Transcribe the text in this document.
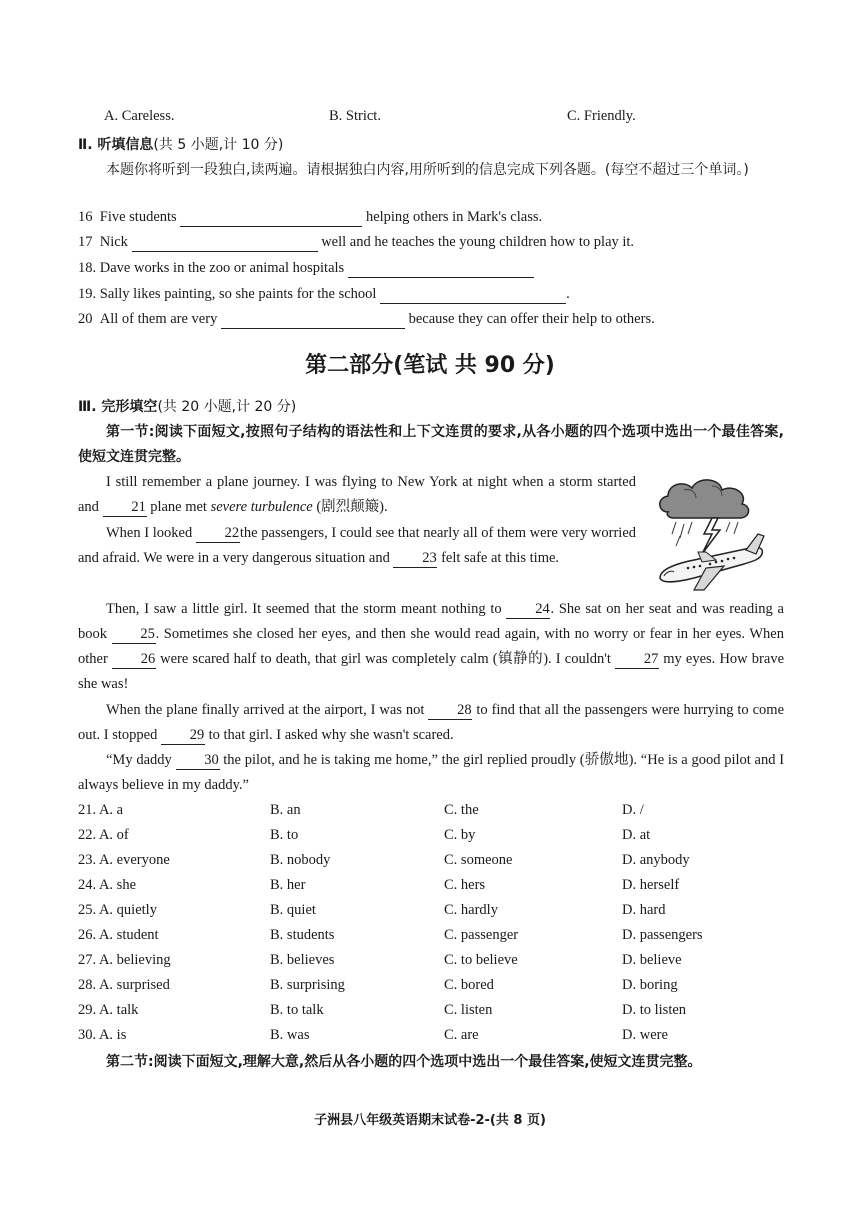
A. Careless.	B. Strict.	C. Friendly.
Ⅱ. 听填信息(共 5 小题,计 10 分)
本题你将听到一段独白,读两遍。请根据独白内容,用所听到的信息完成下列各题。(每空不超过三个单词。)
16 Five students	helping others in Mark's class.
17 Nick	well and he teaches the young children how to play it.
18. Dave works in the zoo or animal hospitals
19. Sally likes painting, so she paints for the school	.
20 All of them are very	because they can offer their help to others.
第二部分(笔试 共 90 分)
Ⅲ. 完形填空(共 20 小题,计 20 分)
第一节:阅读下面短文,按照句子结构的语法性和上下文连贯的要求,从各小题的四个选项中选出一个最佳答案,使短文连贯完整。
I still remember a plane journey. I was flying to New York at night when a storm started and 21 plane met severe turbulence (剧烈颠簸).
When I looked 22the passengers, I could see that nearly all of them were very worried and afraid. We were in a very dangerous situation and 23 felt safe at this time.
Then, I saw a little girl. It seemed that the storm meant nothing to 24. She sat on her seat and was reading a book 25. Sometimes she closed her eyes, and then she would read again, with no worry or fear in her eyes. When other 26 were scared half to death, that girl was completely calm (镇静的). I couldn't 27 my eyes. How brave she was!
When the plane finally arrived at the airport, I was not 28 to find that all the passengers were hurrying to come out. I stopped 29 to that girl. I asked why she wasn't scared.
“My daddy 30 the pilot, and he is taking me home,” the girl replied proudly (骄傲地). “He is a good pilot and I always believe in my daddy.”
21. A. a	B. an	C. the	D. /
22. A. of	B. to	C. by	D. at
23. A. everyone	B. nobody	C. someone	D. anybody
24. A. she	B. her	C. hers	D. herself
25. A. quietly	B. quiet	C. hardly	D. hard
26. A. student	B. students	C. passenger	D. passengers
27. A. believing	B. believes	C. to believe	D. believe
28. A. surprised	B. surprising	C. bored	D. boring
29. A. talk	B. to talk	C. listen	D. to listen
30. A. is	B. was	C. are	D. were
第二节:阅读下面短文,理解大意,然后从各小题的四个选项中选出一个最佳答案,使短文连贯完整。
子洲县八年级英语期末试卷-2-(共 8 页)
